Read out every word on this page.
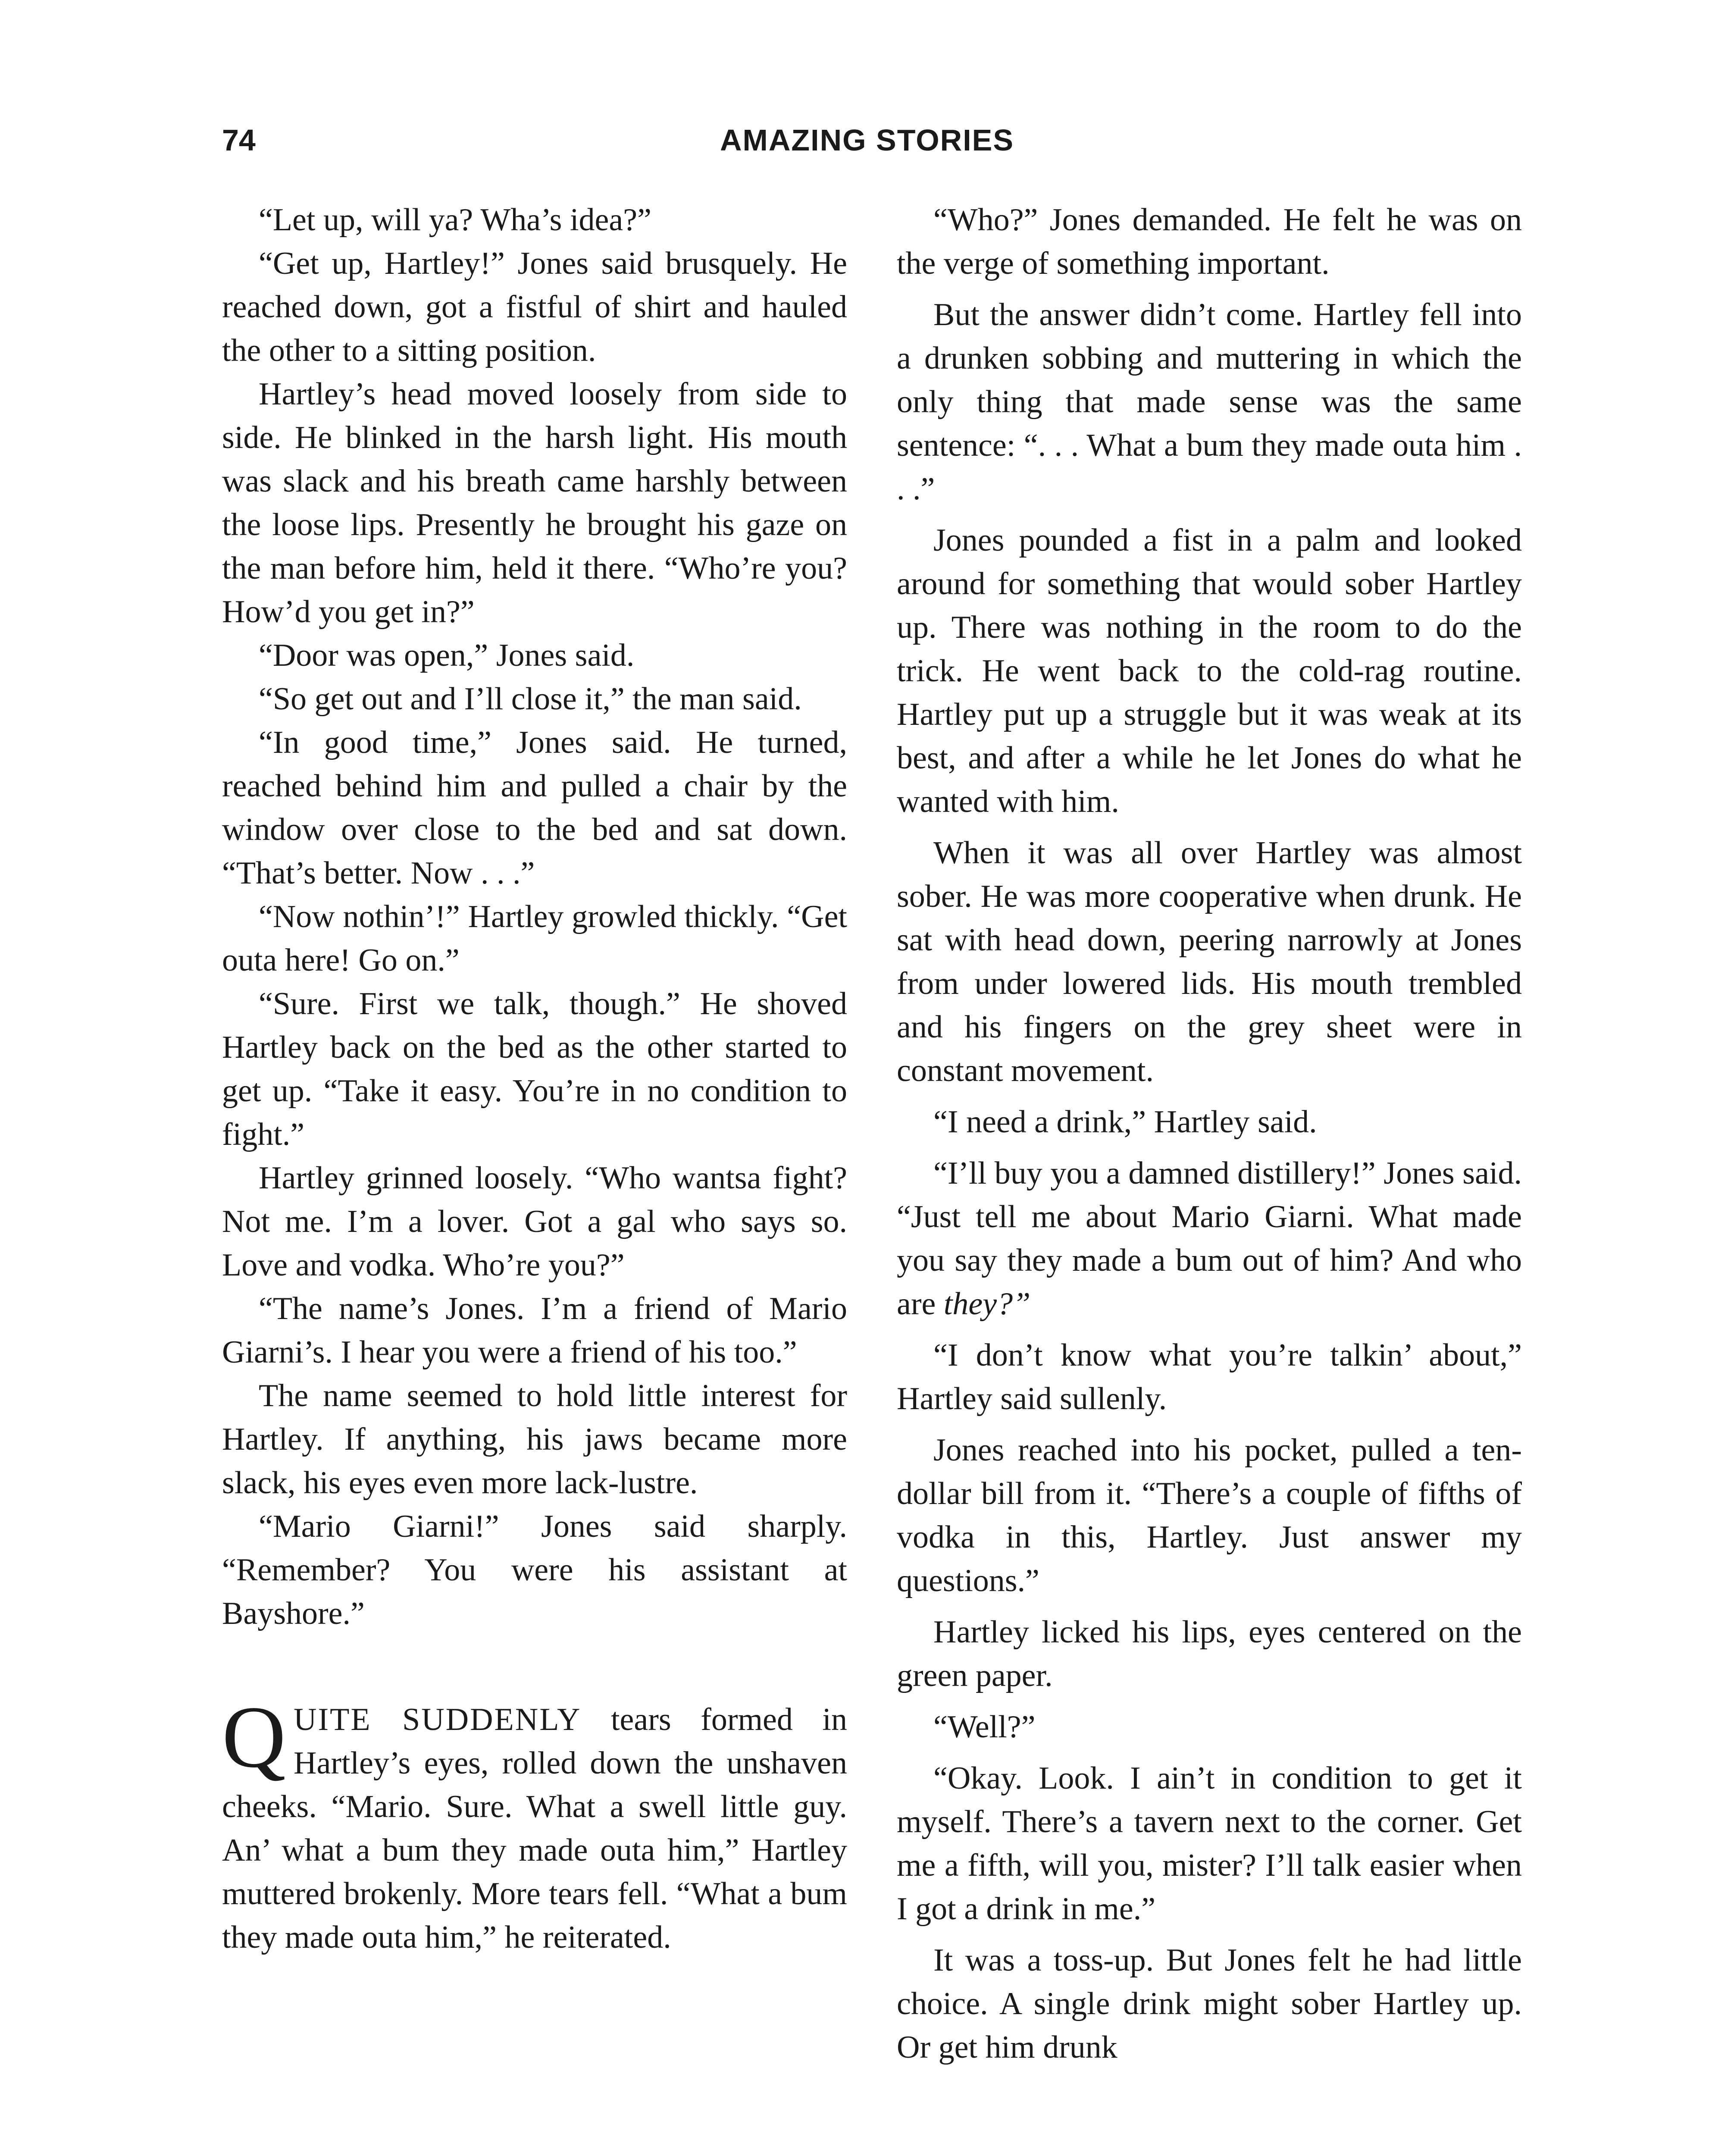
74	AMAZING STORIES

“Let up, will ya? Wha’s idea?”

“Get up, Hartley!” Jones said brusquely. He reached down, got a fistful of shirt and hauled the other to a sitting position.

Hartley’s head moved loosely from side to side. He blinked in the harsh light. His mouth was slack and his breath came harshly between the loose lips. Presently he brought his gaze on the man before him, held it there. “Who’re you? How’d you get in?”

“Door was open,” Jones said.

“So get out and I’ll close it,” the man said.

“In good time,” Jones said. He turned, reached behind him and pulled a chair by the window over close to the bed and sat down. “That’s better. Now . . .”

“Now nothin’!” Hartley growled thickly. “Get outa here! Go on.”

“Sure. First we talk, though.” He shoved Hartley back on the bed as the other started to get up. “Take it easy. You’re in no condition to fight.”

Hartley grinned loosely. “Who wantsa fight? Not me. I’m a lover. Got a gal who says so. Love and vodka. Who’re you?”

“The name’s Jones. I’m a friend of Mario Giarni’s. I hear you were a friend of his too.”

The name seemed to hold little interest for Hartley. If anything, his jaws became more slack, his eyes even more lack-lustre.

“Mario Giarni!” Jones said sharply. “Remember? You were his assistant at Bayshore.”

QUITE SUDDENLY tears formed in Hartley’s eyes, rolled down the unshaven cheeks. “Mario. Sure. What a swell little guy. An’ what a bum they made outa him,” Hartley muttered brokenly. More tears fell. “What a bum they made outa him,” he reiterated.

“Who?” Jones demanded. He felt he was on the verge of something important.

But the answer didn’t come. Hartley fell into a drunken sobbing and muttering in which the only thing that made sense was the same sentence: “. . . What a bum they made outa him . . .”

Jones pounded a fist in a palm and looked around for something that would sober Hartley up. There was nothing in the room to do the trick. He went back to the cold-rag routine. Hartley put up a struggle but it was weak at its best, and after a while he let Jones do what he wanted with him.

When it was all over Hartley was almost sober. He was more cooperative when drunk. He sat with head down, peering narrowly at Jones from under lowered lids. His mouth trembled and his fingers on the grey sheet were in constant movement.

“I need a drink,” Hartley said.

“I’ll buy you a damned distillery!” Jones said. “Just tell me about Mario Giarni. What made you say they made a bum out of him? And who are they?”

“I don’t know what you’re talkin’ about,” Hartley said sullenly.

Jones reached into his pocket, pulled a ten-dollar bill from it. “There’s a couple of fifths of vodka in this, Hartley. Just answer my questions.”

Hartley licked his lips, eyes centered on the green paper.

“Well?”

“Okay. Look. I ain’t in condition to get it myself. There’s a tavern next to the corner. Get me a fifth, will you, mister? I’ll talk easier when I got a drink in me.”

It was a toss-up. But Jones felt he had little choice. A single drink might sober Hartley up. Or get him drunk
